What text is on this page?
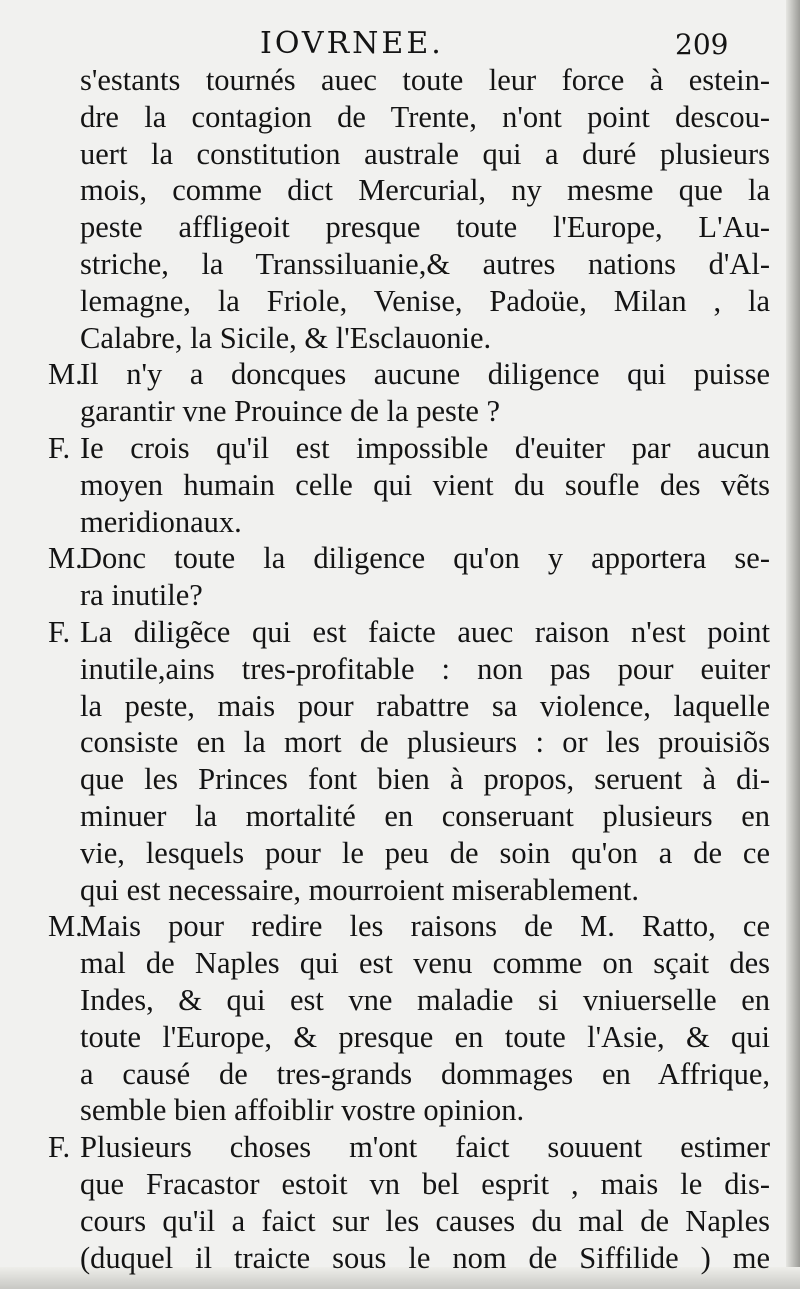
IOVRNEE.	209
s'estants tournés auec toute leur force à estein-
dre la contagion de Trente, n'ont point descou-
uert la constitution australe qui a duré plusieurs
mois, comme dict Mercurial, ny mesme que la
peste affligeoit presque toute l'Europe, L'Au-
striche, la Transsiluanie,& autres nations d'Al-
lemagne, la Friole, Venise, Padoüe, Milan , la
Calabre, la Sicile, & l'Esclauonie.
M.
Il n'y a doncques aucune diligence qui puisse
garantir vne Prouince de la peste ?
F. Ie crois qu'il est impossible d'euiter par aucun
moyen humain celle qui vient du soufle des vẽts
meridionaux.
M.
Donc toute la diligence qu'on y apportera se-
ra inutile?
F. La diligẽce qui est faicte auec raison n'est point
inutile,ains tres-profitable : non pas pour euiter
la peste, mais pour rabattre sa violence, laquelle
consiste en la mort de plusieurs : or les prouisiõs
que les Princes font bien à propos, seruent à di-
minuer la mortalité en conseruant plusieurs en
vie, lesquels pour le peu de soin qu'on a de ce
qui est necessaire, mourroient miserablement.
M.
Mais pour redire les raisons de M. Ratto, ce
mal de Naples qui est venu comme on sçait des
Indes, & qui est vne maladie si vniuerselle en
toute l'Europe, & presque en toute l'Asie, & qui
a causé de tres-grands dommages en Affrique,
semble bien affoiblir vostre opinion.
F. Plusieurs choses m'ont faict souuent estimer
que Fracastor estoit vn bel esprit , mais le dis-
cours qu'il a faict sur les causes du mal de Naples
(duquel il traicte sous le nom de Siffilide ) me
